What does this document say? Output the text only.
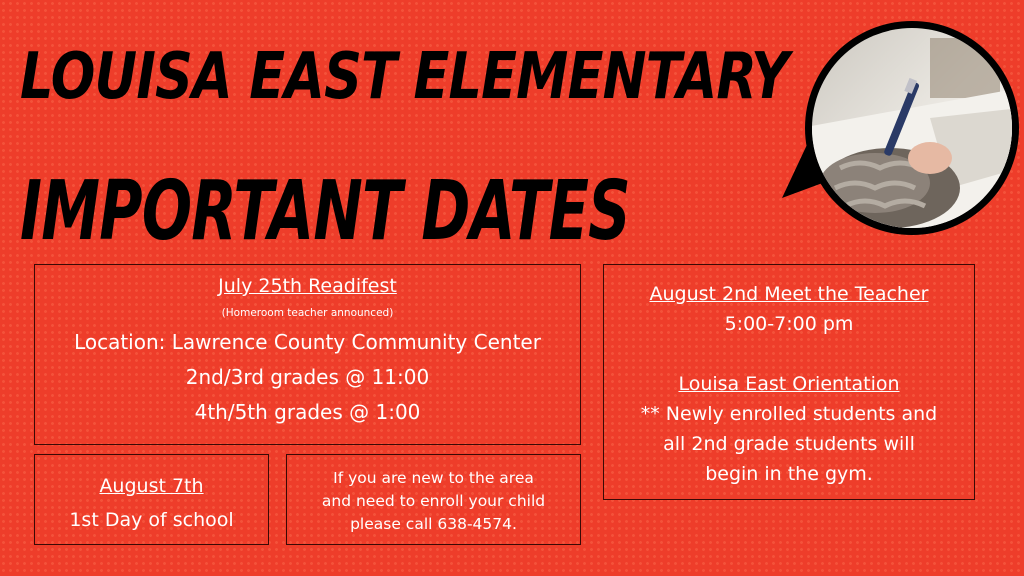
LOUISA EAST ELEMENTARY
IMPORTANT DATES

July 25th Readifest

(Homeroom teacher announced)

Location: Lawrence County Community Center

2nd/3rd grades @ 11:00

4th/5th grades @ 1:00

August 2nd Meet the Teacher

5:00-7:00 pm

Louisa East Orientation

** Newly enrolled students and

all 2nd grade students will

begin in the gym.

August 7th

1st Day of school

If you are new to the area

and need to enroll your child

please call 638-4574.
